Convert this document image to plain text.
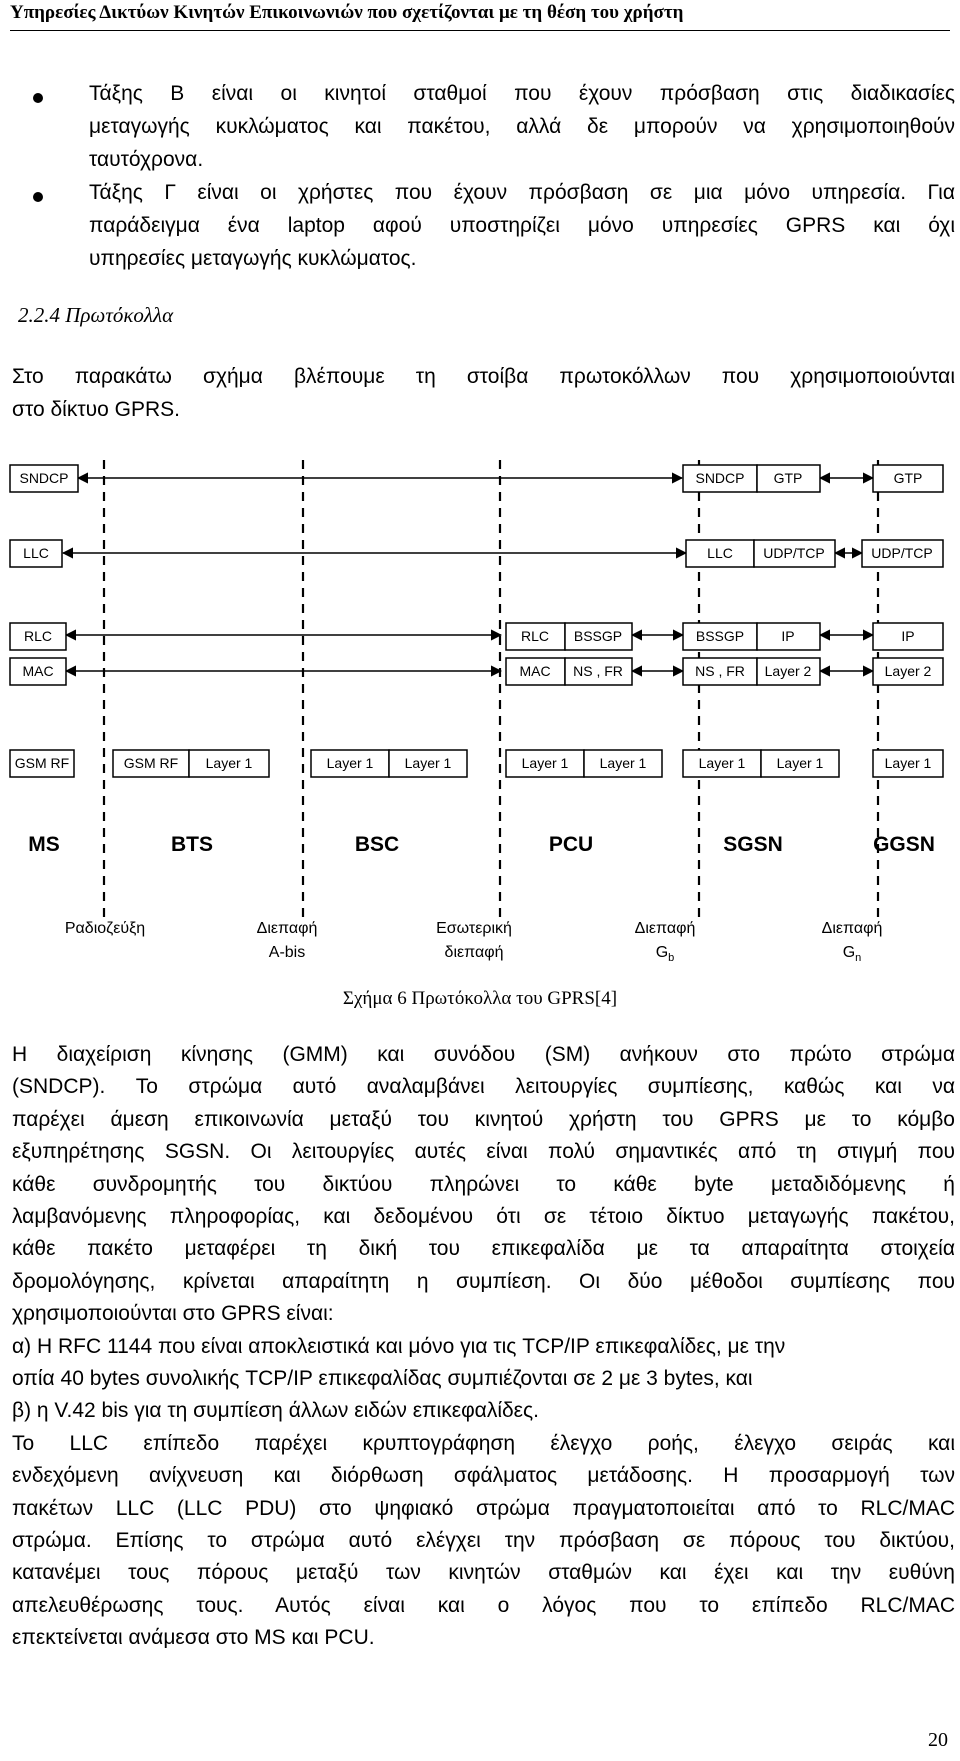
Υπηρεσίες Δικτύων Κινητών Επικοινωνιών που σχετίζονται με τη θέση του χρήστη
Τάξης Β είναι οι κινητοί σταθμοί που έχουν πρόσβαση στις διαδικασίες
μεταγωγής κυκλώματος και πακέτου, αλλά δε μπορούν να χρησιμοποιηθούν
ταυτόχρονα.
Τάξης Γ είναι οι χρήστες που έχουν πρόσβαση σε μια μόνο υπηρεσία. Για
παράδειγμα ένα laptop αφού υποστηρίζει μόνο υπηρεσίες GPRS και όχι
υπηρεσίες μεταγωγής κυκλώματος.
2.2.4 Πρωτόκολλα
Στο παρακάτω σχήμα βλέπουμε τη στοίβα πρωτοκόλλων που χρησιμοποιούνται
στο δίκτυο GPRS.
SNDCP
LLC
RLC
MAC
GSM RF	GSM RF Layer 1	Layer 1 Layer 1
RLC
MAC
Layer 1
BSSGP
NS , FR
Layer 1
SNDCP GTP
LLC UDP/TCP
BSSGP	IP
NS , FR Layer 2
Layer 1 Layer 1
GTP
UDP/TCP
IP
Layer 2
Layer 1
MS	BTS	BSC	PCU	SGSN	GGSN
Ραδιοζεύξη	Διεπαφή
A-bis
Εσωτερική
διεπαφή
Διεπαφή
$G_b$
Διεπαφή
$G_n$
Σχήμα 6 Πρωτόκολλα του GPRS[4]
Η διαχείριση κίνησης (GMM) και συνόδου (SM) ανήκουν στο πρώτο στρώμα
(SNDCP). Το στρώμα αυτό αναλαμβάνει λειτουργίες συμπίεσης, καθώς και να
παρέχει άμεση επικοινωνία μεταξύ του κινητού χρήστη του GPRS με το κόμβο
εξυπηρέτησης SGSN. Οι λειτουργίες αυτές είναι πολύ σημαντικές από τη στιγμή που
κάθε συνδρομητής του δικτύου πληρώνει το κάθε byte μεταδιδόμενης ή
λαμβανόμενης πληροφορίας, και δεδομένου ότι σε τέτοιο δίκτυο μεταγωγής πακέτου,
κάθε πακέτο μεταφέρει τη δική του επικεφαλίδα με τα απαραίτητα στοιχεία
δρομολόγησης, κρίνεται απαραίτητη η συμπίεση. Οι δύο μέθοδοι συμπίεσης που
χρησιμοποιούνται στο GPRS είναι:
α) Η RFC 1144 που είναι αποκλειστικά και μόνο για τις TCP/IP επικεφαλίδες, με την
οπία 40 bytes συνολικής TCP/IP επικεφαλίδας συμπιέζονται σε 2 με 3 bytes, και
β) η V.42 bis για τη συμπίεση άλλων ειδών επικεφαλίδες.
Το LLC επίπεδο παρέχει κρυπτογράφηση έλεγχο ροής, έλεγχο σειράς και
ενδεχόμενη ανίχνευση και διόρθωση σφάλματος μετάδοσης. Η προσαρμογή των
πακέτων LLC (LLC PDU) στο ψηφιακό στρώμα πραγματοποιείται από το RLC/MAC
στρώμα. Επίσης το στρώμα αυτό ελέγχει την πρόσβαση σε πόρους του δικτύου,
κατανέμει τους πόρους μεταξύ των κινητών σταθμών και έχει και την ευθύνη
απελευθέρωσης τους. Αυτός είναι και ο λόγος που το επίπεδο RLC/MAC
επεκτείνεται ανάμεσα στο MS και PCU.
20
